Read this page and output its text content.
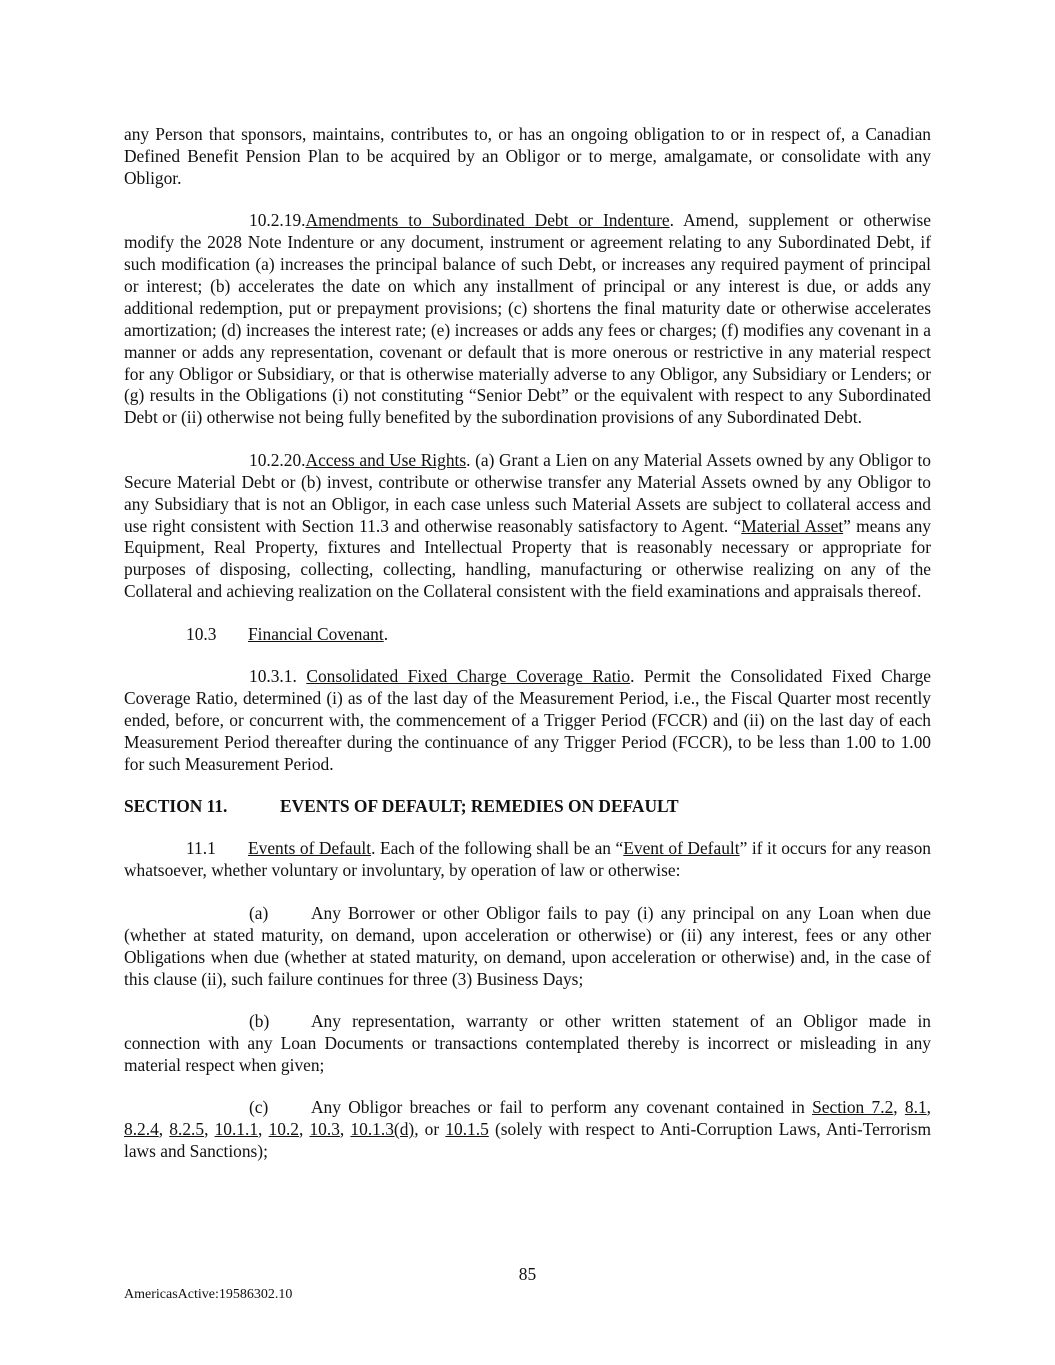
any Person that sponsors, maintains, contributes to, or has an ongoing obligation to or in respect of, a Canadian Defined Benefit Pension Plan to be acquired by an Obligor or to merge, amalgamate, or consolidate with any Obligor.

10.2.19.Amendments to Subordinated Debt or Indenture. Amend, supplement or otherwise modify the 2028 Note Indenture or any document, instrument or agreement relating to any Subordinated Debt, if such modification (a) increases the principal balance of such Debt, or increases any required payment of principal or interest; (b) accelerates the date on which any installment of principal or any interest is due, or adds any additional redemption, put or prepayment provisions; (c) shortens the final maturity date or otherwise accelerates amortization; (d) increases the interest rate; (e) increases or adds any fees or charges; (f) modifies any covenant in a manner or adds any representation, covenant or default that is more onerous or restrictive in any material respect for any Obligor or Subsidiary, or that is otherwise materially adverse to any Obligor, any Subsidiary or Lenders; or (g) results in the Obligations (i) not constituting “Senior Debt” or the equivalent with respect to any Subordinated Debt or (ii) otherwise not being fully benefited by the subordination provisions of any Subordinated Debt.

10.2.20.Access and Use Rights. (a) Grant a Lien on any Material Assets owned by any Obligor to Secure Material Debt or (b) invest, contribute or otherwise transfer any Material Assets owned by any Obligor to any Subsidiary that is not an Obligor, in each case unless such Material Assets are subject to collateral access and use right consistent with Section 11.3 and otherwise reasonably satisfactory to Agent. “Material Asset” means any Equipment, Real Property, fixtures and Intellectual Property that is reasonably necessary or appropriate for purposes of disposing, collecting, collecting, handling, manufacturing or otherwise realizing on any of the Collateral and achieving realization on the Collateral consistent with the field examinations and appraisals thereof.

10.3 Financial Covenant.

10.3.1. Consolidated Fixed Charge Coverage Ratio. Permit the Consolidated Fixed Charge Coverage Ratio, determined (i) as of the last day of the Measurement Period, i.e., the Fiscal Quarter most recently ended, before, or concurrent with, the commencement of a Trigger Period (FCCR) and (ii) on the last day of each Measurement Period thereafter during the continuance of any Trigger Period (FCCR), to be less than 1.00 to 1.00 for such Measurement Period.

SECTION 11.	EVENTS OF DEFAULT; REMEDIES ON DEFAULT

11.1 Events of Default. Each of the following shall be an “Event of Default” if it occurs for any reason whatsoever, whether voluntary or involuntary, by operation of law or otherwise:

(a) Any Borrower or other Obligor fails to pay (i) any principal on any Loan when due (whether at stated maturity, on demand, upon acceleration or otherwise) or (ii) any interest, fees or any other Obligations when due (whether at stated maturity, on demand, upon acceleration or otherwise) and, in the case of this clause (ii), such failure continues for three (3) Business Days;

(b) Any representation, warranty or other written statement of an Obligor made in connection with any Loan Documents or transactions contemplated thereby is incorrect or misleading in any material respect when given;

(c) Any Obligor breaches or fail to perform any covenant contained in Section 7.2, 8.1, 8.2.4, 8.2.5, 10.1.1, 10.2, 10.3, 10.1.3(d), or 10.1.5 (solely with respect to Anti-Corruption Laws, Anti-Terrorism laws and Sanctions);

85
AmericasActive:19586302.10
